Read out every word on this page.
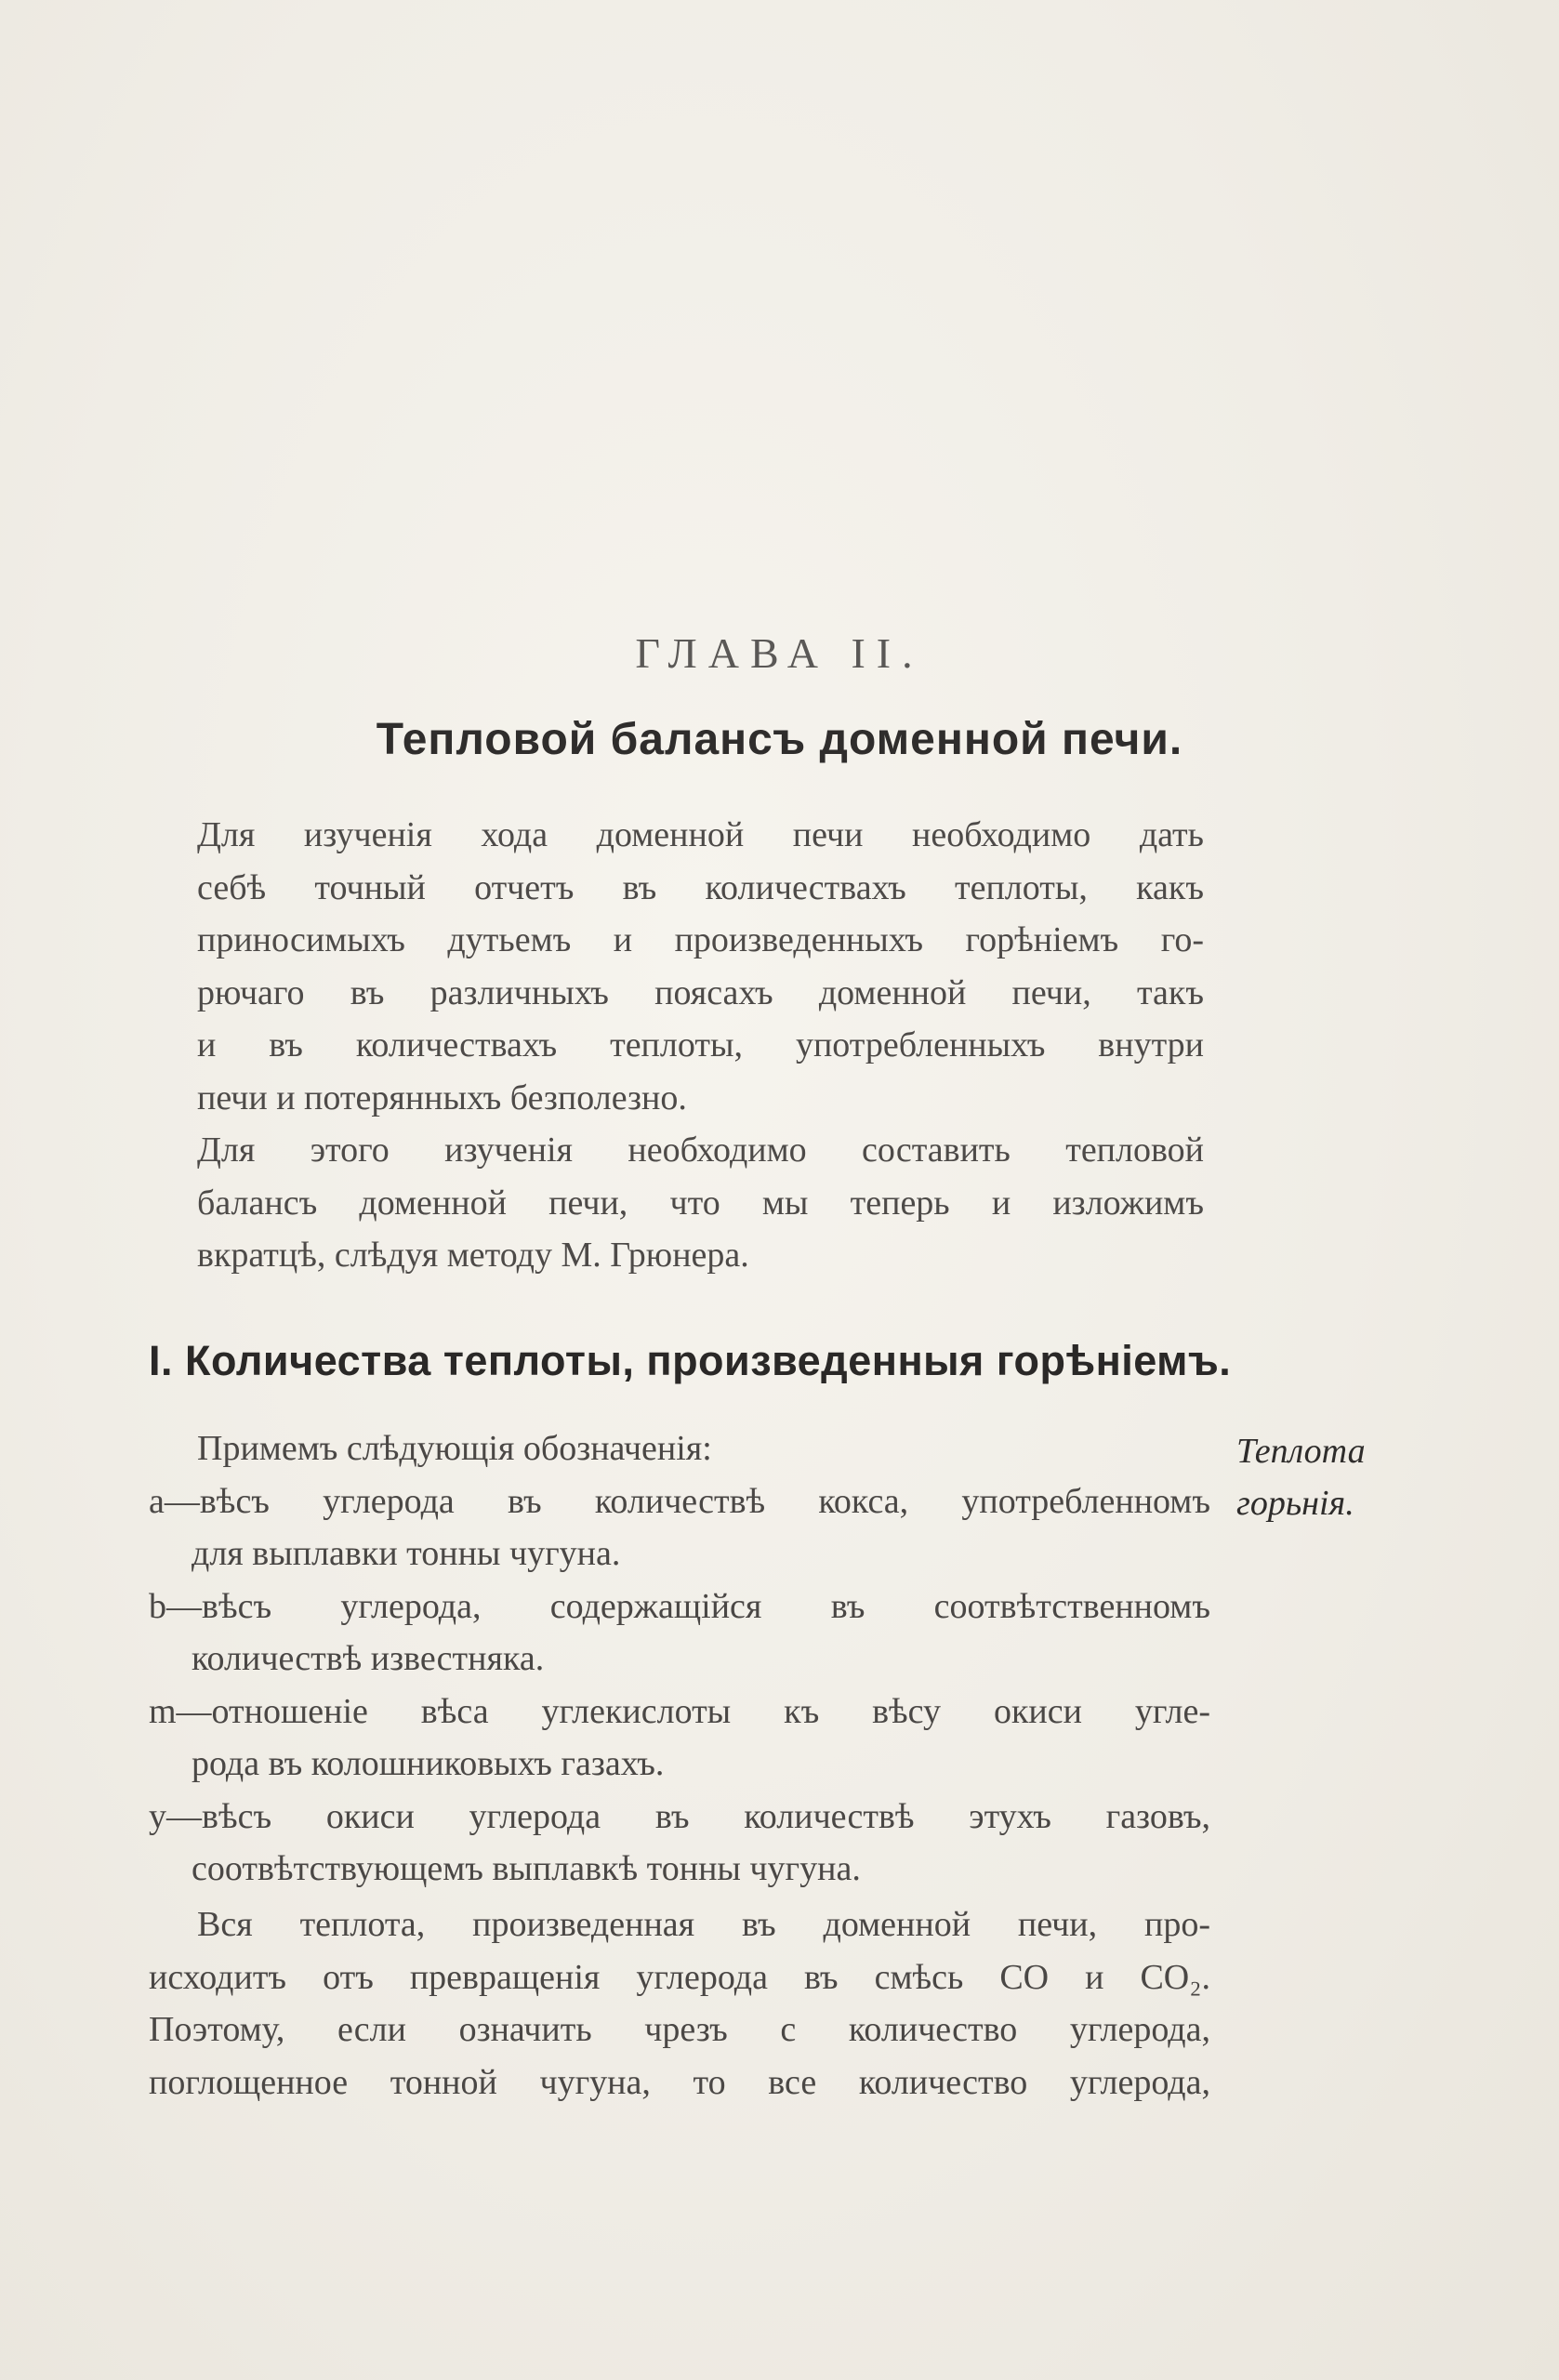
ГЛАВА II.
Тепловой балансъ доменной печи.
Для изученія хода доменной печи необходимо дать
себѣ точный отчетъ въ количествахъ теплоты, какъ
приносимыхъ дутьемъ и произведенныхъ горѣніемъ го-
рючаго въ различныхъ поясахъ доменной печи, такъ
и въ количествахъ теплоты, употребленныхъ внутри
печи и потерянныхъ безполезно.
Для этого изученія необходимо составить тепловой
балансъ доменной печи, что мы теперь и изложимъ
вкратцѣ, слѣдуя методу М. Грюнера.
I. Количества теплоты, произведенныя горѣніемъ.
Теплота
горьнія.
Примемъ слѣдующія обозначенія:
a—вѣсъ углерода въ количествѣ кокса, употребленномъ
для выплавки тонны чугуна.
b—вѣсъ углерода, содержащійся въ соотвѣтственномъ
количествѣ известняка.
m—отношеніе вѣса углекислоты къ вѣсу окиси угле-
рода въ колошниковыхъ газахъ.
y—вѣсъ окиси углерода въ количествѣ этухъ газовъ,
соотвѣтствующемъ выплавкѣ тонны чугуна.
Вся теплота, произведенная въ доменной печи, про-
исходитъ отъ превращенія углерода въ смѣсь CO и CO₂.
Поэтому, если означить чрезъ c количество углерода,
поглощенное тонной чугуна, то все количество углерода,
